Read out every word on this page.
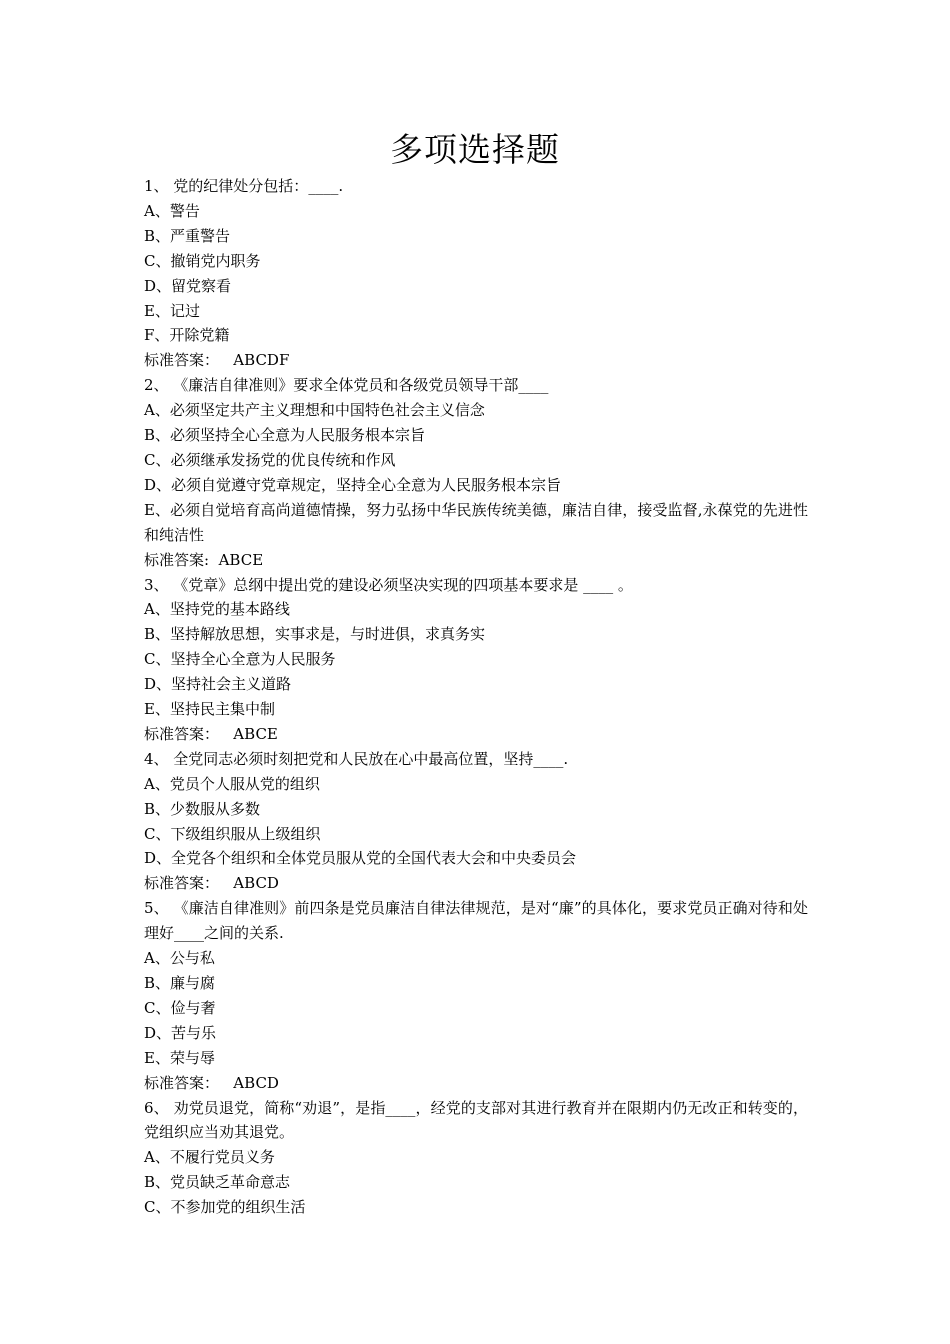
多项选择题
1、 党的纪律处分包括：____.
A、警告
B、严重警告
C、撤销党内职务
D、留党察看
E、记过
F、开除党籍
标准答案：   ABCDF
2、 《廉洁自律准则》要求全体党员和各级党员领导干部____
A、必须坚定共产主义理想和中国特色社会主义信念
B、必须坚持全心全意为人民服务根本宗旨
C、必须继承发扬党的优良传统和作风
D、必须自觉遵守党章规定，坚持全心全意为人民服务根本宗旨
E、必须自觉培育高尚道德情操，努力弘扬中华民族传统美德，廉洁自律，接受监督,永葆党的先进性和纯洁性
标准答案:  ABCE
3、 《党章》总纲中提出党的建设必须坚决实现的四项基本要求是 ____ 。
A、坚持党的基本路线
B、坚持解放思想，实事求是，与时进俱，求真务实
C、坚持全心全意为人民服务
D、坚持社会主义道路
E、坚持民主集中制
标准答案：   ABCE
4、 全党同志必须时刻把党和人民放在心中最高位置，坚持____.
A、党员个人服从党的组织
B、少数服从多数
C、下级组织服从上级组织
D、全党各个组织和全体党员服从党的全国代表大会和中央委员会
标准答案：   ABCD
5、 《廉洁自律准则》前四条是党员廉洁自律法律规范，是对“廉”的具体化，要求党员正确对待和处理好____之间的关系.
A、公与私
B、廉与腐
C、俭与奢
D、苦与乐
E、荣与辱
标准答案：   ABCD
6、 劝党员退党，简称“劝退”，是指____，经党的支部对其进行教育并在限期内仍无改正和转变的，党组织应当劝其退党。
A、不履行党员义务
B、党员缺乏革命意志
C、不参加党的组织生活
